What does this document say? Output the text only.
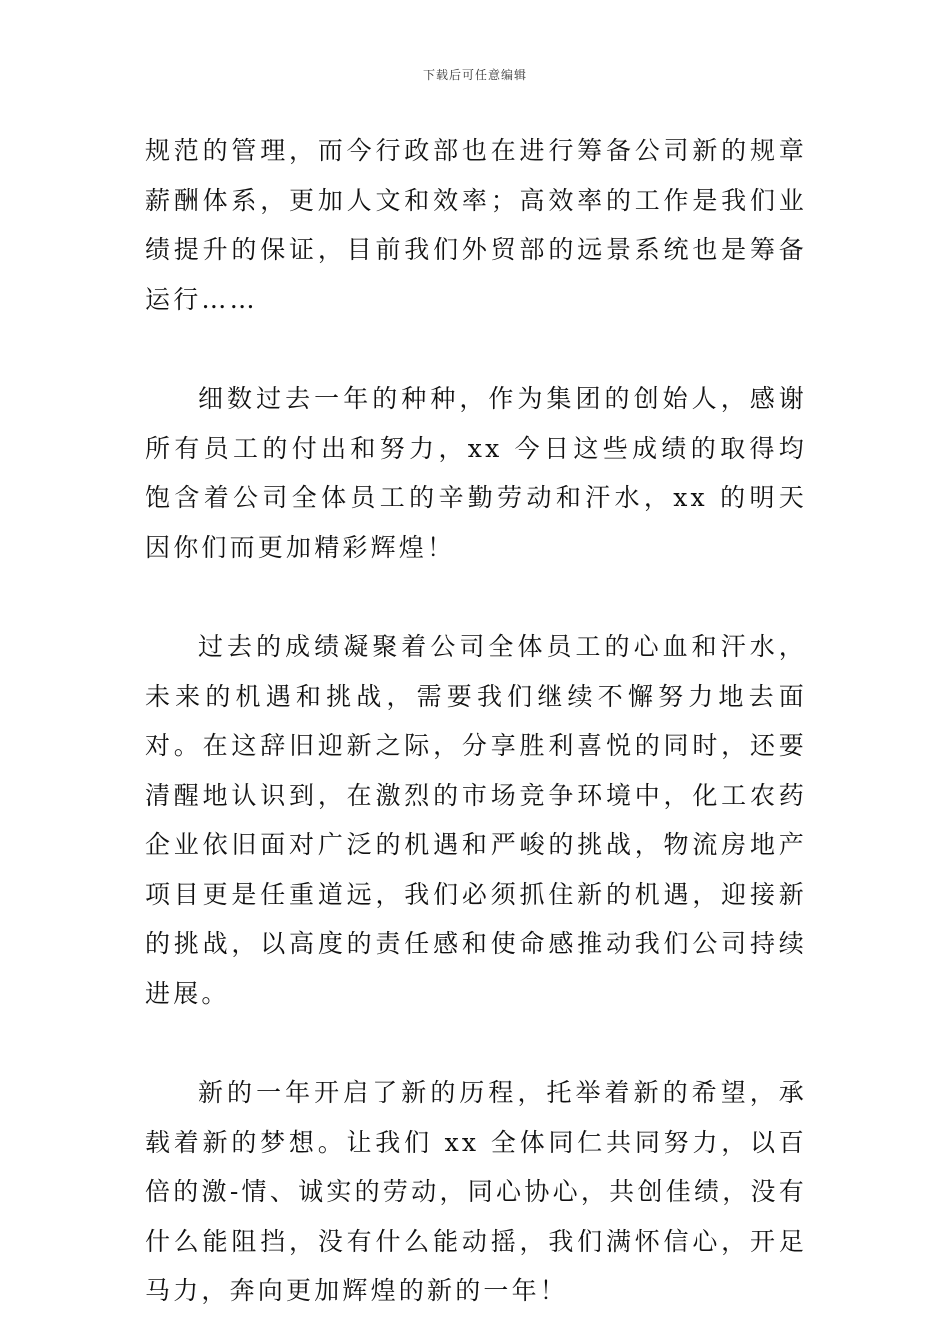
下载后可任意编辑

规范的管理，而今行政部也在进行筹备公司新的规章薪酬体系，更加人文和效率；高效率的工作是我们业绩提升的保证，目前我们外贸部的远景系统也是筹备运行……

细数过去一年的种种，作为集团的创始人，感谢所有员工的付出和努力，xx 今日这些成绩的取得均饱含着公司全体员工的辛勤劳动和汗水，xx 的明天因你们而更加精彩辉煌！

过去的成绩凝聚着公司全体员工的心血和汗水，未来的机遇和挑战，需要我们继续不懈努力地去面对。在这辞旧迎新之际，分享胜利喜悦的同时，还要清醒地认识到，在激烈的市场竞争环境中，化工农药企业依旧面对广泛的机遇和严峻的挑战，物流房地产项目更是任重道远，我们必须抓住新的机遇，迎接新的挑战，以高度的责任感和使命感推动我们公司持续进展。

新的一年开启了新的历程，托举着新的希望，承载着新的梦想。让我们 xx 全体同仁共同努力，以百倍的激-情、诚实的劳动，同心协心，共创佳绩，没有什么能阻挡，没有什么能动摇，我们满怀信心，开足马力，奔向更加辉煌的新的一年！
